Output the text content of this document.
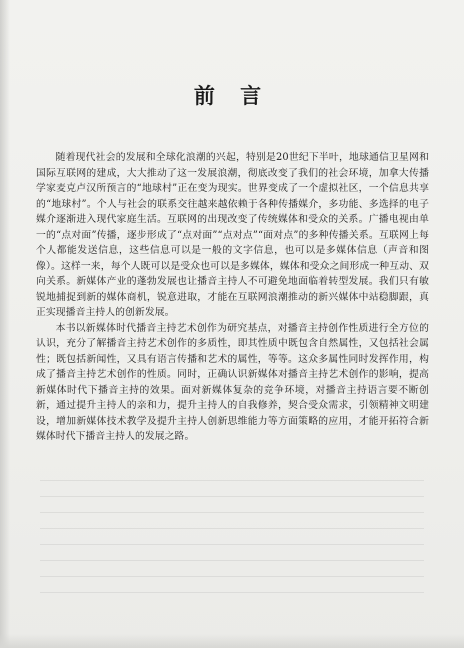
前 言

随着现代社会的发展和全球化浪潮的兴起，特别是20世纪下半叶，地球通信卫星网和国际互联网的建成，大大推动了这一发展浪潮，彻底改变了我们的社会环境，加拿大传播学家麦克卢汉所预言的“地球村”正在变为现实。世界变成了一个虚拟社区，一个信息共享的“地球村”。个人与社会的联系交往越来越依赖于各种传播媒介，多功能、多选择的电子媒介逐渐进入现代家庭生活。互联网的出现改变了传统媒体和受众的关系。广播电视由单一的“点对面”传播，逐步形成了“点对面”“点对点”“面对点”的多种传播关系。互联网上每个人都能发送信息，这些信息可以是一般的文字信息，也可以是多媒体信息（声音和图像）。这样一来，每个人既可以是受众也可以是多媒体，媒体和受众之间形成一种互动、双向关系。新媒体产业的蓬勃发展也让播音主持人不可避免地面临着转型发展。我们只有敏锐地捕捉到新的媒体商机，锐意进取，才能在互联网浪潮推动的新兴媒体中站稳脚跟，真正实现播音主持人的创新发展。

本书以新媒体时代播音主持艺术创作为研究基点，对播音主持创作性质进行全方位的认识，充分了解播音主持艺术创作的多质性，即其性质中既包含自然属性，又包括社会属性；既包括新闻性，又具有语言传播和艺术的属性，等等。这众多属性同时发挥作用，构成了播音主持艺术创作的性质。同时，正确认识新媒体对播音主持艺术创作的影响，提高新媒体时代下播音主持的效果。面对新媒体复杂的竞争环境，对播音主持语言要不断创新，通过提升主持人的亲和力，提升主持人的自我修养，契合受众需求，引领精神文明建设，增加新媒体技术教学及提升主持人创新思维能力等方面策略的应用，才能开拓符合新媒体时代下播音主持人的发展之路。
